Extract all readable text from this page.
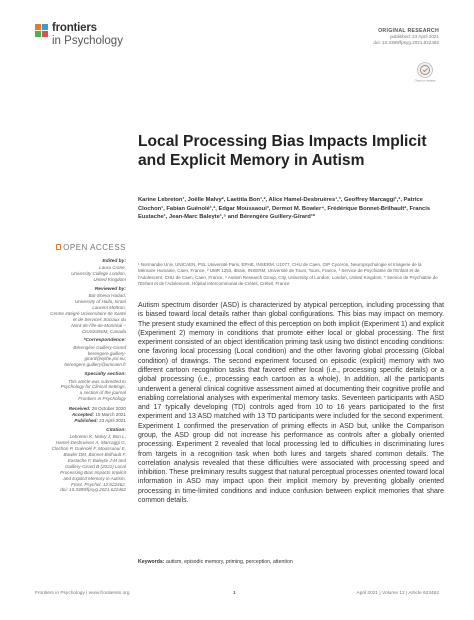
frontiers
in Psychology
ORIGINAL RESEARCH
published: 23 April 2021
doi: 10.3389/fpsyg.2021.622462
Check for updates
Local Processing Bias Impacts Implicit and Explicit Memory in Autism
Karine Lebreton¹, Joëlle Malvy², Laetitia Bon¹,², Alice Hamel-Desbruères¹,³, Geoffrey Marcaggi¹,², Patrice Clochon¹, Fabian Guénolé¹,², Edgar Moussaoui³, Dermot M. Bowler⁴, Frédérique Bonnet-Brilhault², Francis Eustache¹, Jean-Marc Baleyte¹,⁵ and Bérengère Guillery-Girard¹*
¹ Normandie Univ, UNICAEN, PSL Université Paris, EPHE, INSERM, U1077, CHU de Caen, GIP Cyceron, Neuropsychologie et Imagerie de la Mémoire Humaine, Caen, France, ² UMR 1253, iBrain, INSERM, Université de Tours, Tours, France, ³ Service de Psychiatrie de l'Enfant et de l'Adolescent, CHU de Caen, Caen, France, ⁴ Autism Research Group, City, University of London, London, United Kingdom, ⁵ Service de Psychiatrie de l'Enfant et de l'Adolescent, Hôpital Intercommunal de Créteil, Créteil, France
OPEN ACCESS
Edited by:
Laura Crane,
University College London,
United Kingdom
Reviewed by:
Bat-Sheva Hadad,
University of Haifa, Israel
Laurent Mottron,
Centre Intégré Universitaire de Santé
et de Services Sociaux du
Nord-de-l'Île-de-Montréal –
CIUSSSNIM, Canada
*Correspondence:
Bérengère Guillery-Girard
berengere.guillery-
girard@ephe.psl.eu;
berengere.guillery@unicaen.fr
Specialty section:
This article was submitted to
Psychology for Clinical Settings,
a section of the journal
Frontiers in Psychology
Received: 28 October 2020
Accepted: 15 March 2021
Published: 23 April 2021
Citation:
Lebreton K, Malvy J, Bon L,
Hamel-Desbruères A, Marcaggi G,
Clochon P, Guénolé F, Moussaoui E,
Bowler DM, Bonnet-Brilhault F,
Eustache F, Baleyte J-M and
Guillery-Girard B (2021) Local
Processing Bias Impacts Implicit
and Explicit Memory in Autism.
Front. Psychol. 12:622462.
doi: 10.3389/fpsyg.2021.622462
Autism spectrum disorder (ASD) is characterized by atypical perception, including processing that is biased toward local details rather than global configurations. This bias may impact on memory. The present study examined the effect of this perception on both implicit (Experiment 1) and explicit (Experiment 2) memory in conditions that promote either local or global processing. The first experiment consisted of an object identification priming task using two distinct encoding conditions: one favoring local processing (Local condition) and the other favoring global processing (Global condition) of drawings. The second experiment focused on episodic (explicit) memory with two different cartoon recognition tasks that favored either local (i.e., processing specific details) or a global processing (i.e., processing each cartoon as a whole). In addition, all the participants underwent a general clinical cognitive assessment aimed at documenting their cognitive profile and enabling correlational analyses with experimental memory tasks. Seventeen participants with ASD and 17 typically developing (TD) controls aged from 10 to 16 years participated to the first experiment and 13 ASD matched with 13 TD participants were included for the second experiment. Experiment 1 confirmed the preservation of priming effects in ASD but, unlike the Comparison group, the ASD group did not increase his performance as controls after a globally oriented processing. Experiment 2 revealed that local processing led to difficulties in discriminating lures from targets in a recognition task when both lures and targets shared common details. The correlation analysis revealed that these difficulties were associated with processing speed and inhibition. These preliminary results suggest that natural perceptual processes oriented toward local information in ASD may impact upon their implicit memory by preventing globally oriented processing in time-limited conditions and induce confusion between explicit memories that share common details.
Keywords: autism, episodic memory, priming, perception, attention
Frontiers in Psychology | www.frontiersin.org	1	April 2021 | Volume 12 | Article 622462
